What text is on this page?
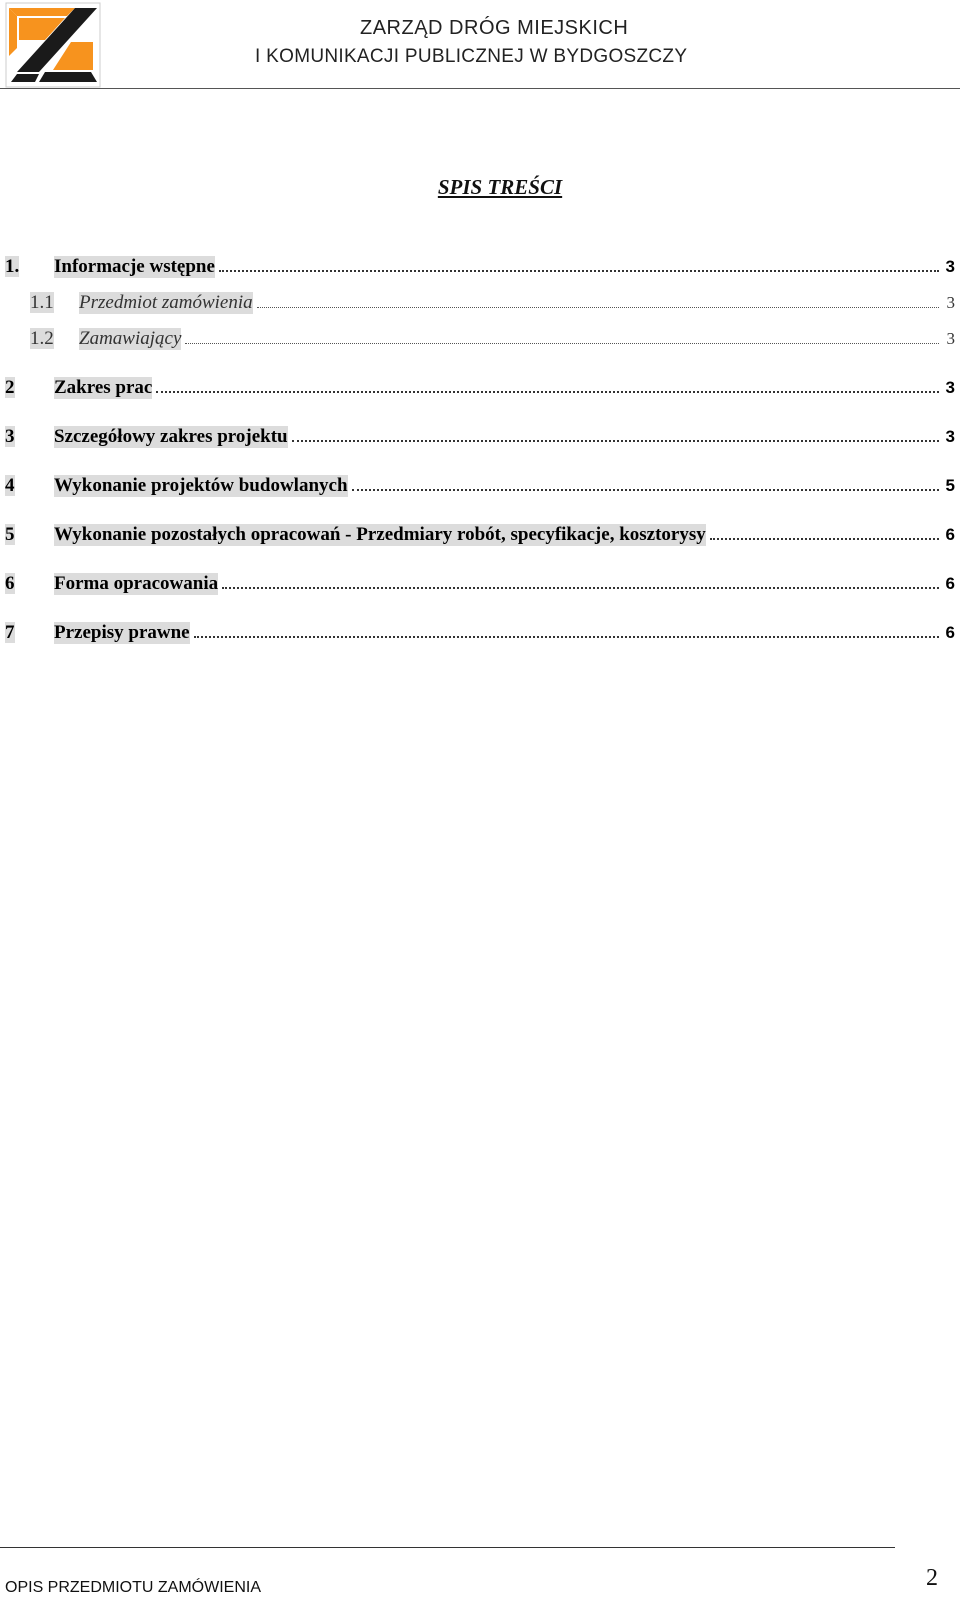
ZARZĄD DRÓG MIEJSKICH
I KOMUNIKACJI PUBLICZNEJ W BYDGOSZCZY
SPIS TREŚCI
1.	Informacje wstępne	3
1.1	Przedmiot zamówienia	3
1.2	Zamawiający	3
2	Zakres prac	3
3	Szczegółowy zakres projektu	3
4	Wykonanie projektów budowlanych	5
5	Wykonanie pozostałych opracowań - Przedmiary robót, specyfikacje, kosztorysy	6
6	Forma opracowania	6
7	Przepisy prawne	6
OPIS PRZEDMIOTU ZAMÓWIENIA	2
